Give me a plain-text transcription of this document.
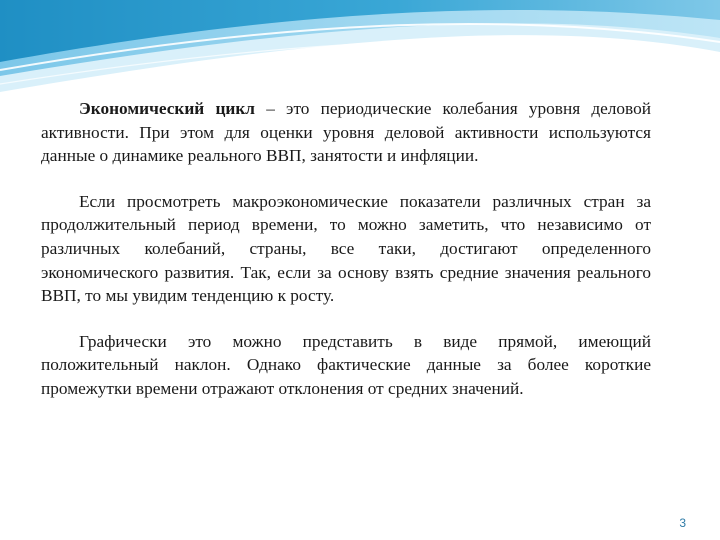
Экономический цикл – это периодические колебания уровня деловой активности. При этом для оценки уровня деловой активности используются данные о динамике реального ВВП, занятости и инфляции.

Если просмотреть макроэкономические показатели различных стран за продолжительный период времени, то можно заметить, что независимо от различных колебаний, страны, все таки, достигают определенного экономического развития. Так, если за основу взять средние значения реального ВВП, то мы увидим тенденцию к росту.

Графически это можно представить в виде прямой, имеющий положительный наклон. Однако фактические данные за более короткие промежутки времени отражают отклонения от средних значений.

3
